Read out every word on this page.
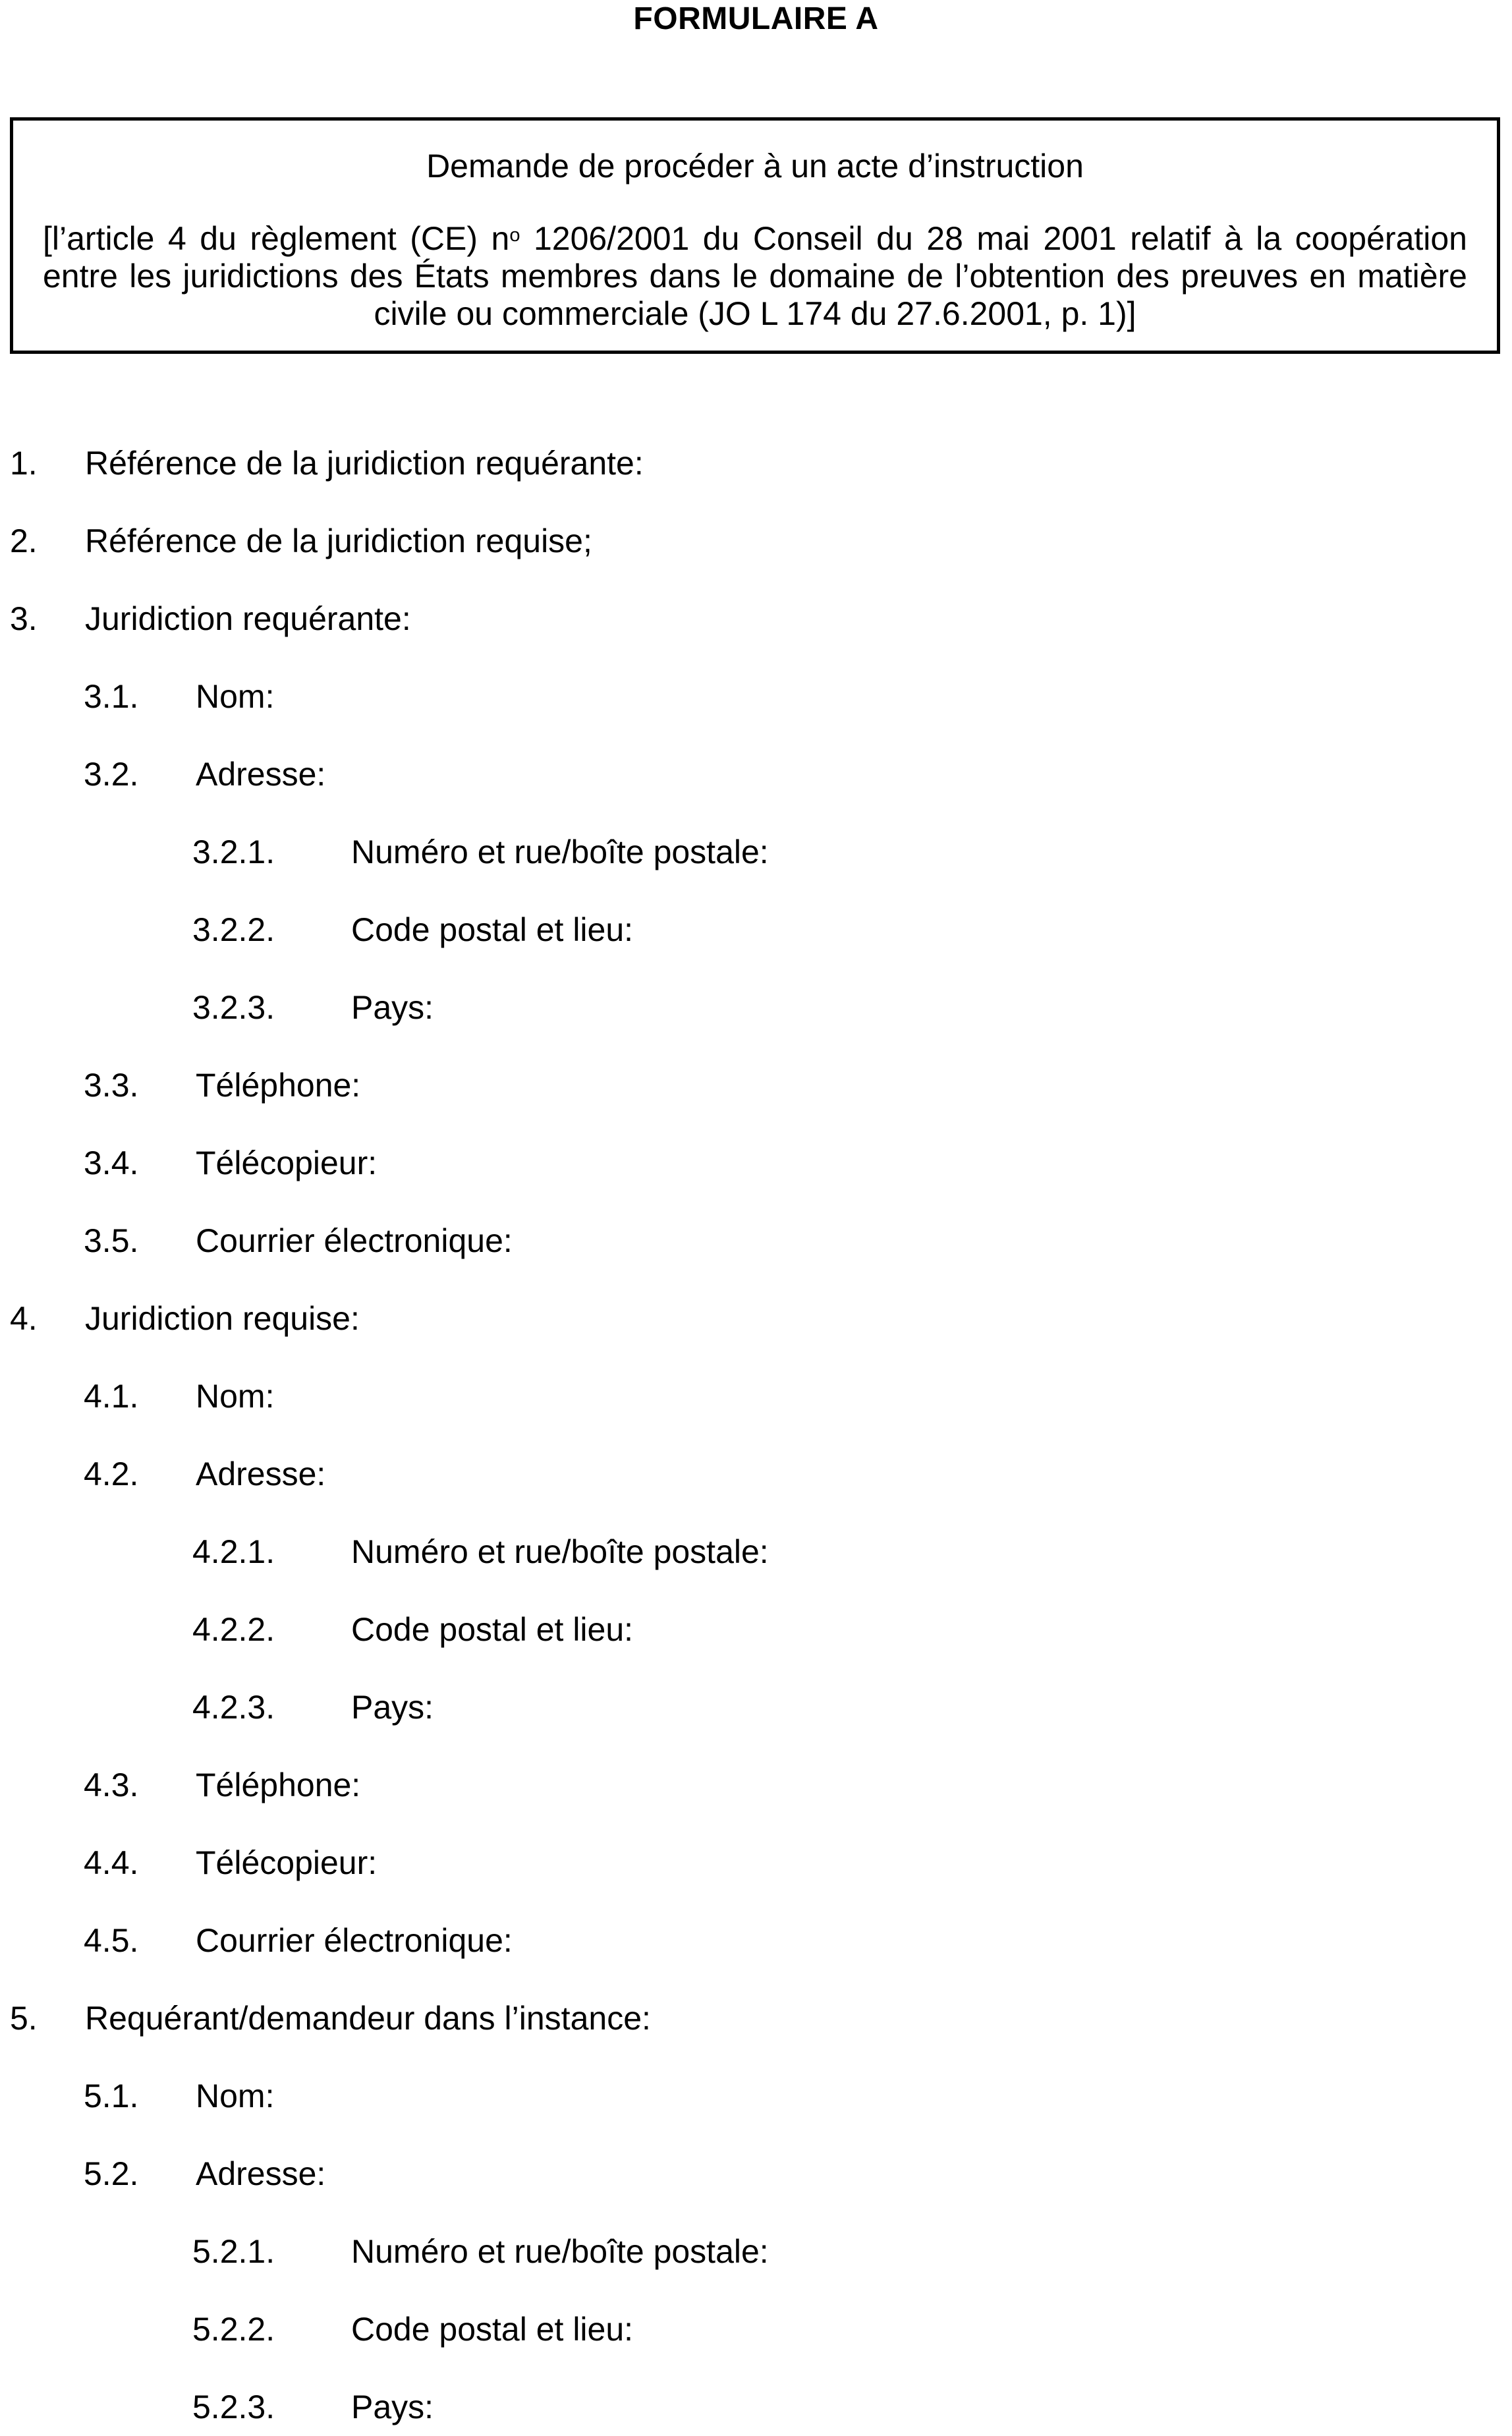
FORMULAIRE A
Demande de procéder à un acte d’instruction
[l’article 4 du règlement (CE) $n^o$ 1206/2001 du Conseil du 28 mai 2001 relatif à la coopération
entre les juridictions des États membres dans le domaine de l’obtention des preuves en matière
civile ou commerciale (JO L 174 du 27.6.2001, p. 1)]
1.	Référence de la juridiction requérante:
2.	Référence de la juridiction requise;
3.	Juridiction requérante:
3.1.	Nom:
3.2.	Adresse:
3.2.1.	Numéro et rue/boîte postale:
3.2.2.	Code postal et lieu:
3.2.3.	Pays:
3.3.	Téléphone:
3.4.	Télécopieur:
3.5.	Courrier électronique:
4.	Juridiction requise:
4.1.	Nom:
4.2.	Adresse:
4.2.1.	Numéro et rue/boîte postale:
4.2.2.	Code postal et lieu:
4.2.3.	Pays:
4.3.	Téléphone:
4.4.	Télécopieur:
4.5.	Courrier électronique:
5.	Requérant/demandeur dans l’instance:
5.1.	Nom:
5.2.	Adresse:
5.2.1.	Numéro et rue/boîte postale:
5.2.2.	Code postal et lieu:
5.2.3.	Pays:
